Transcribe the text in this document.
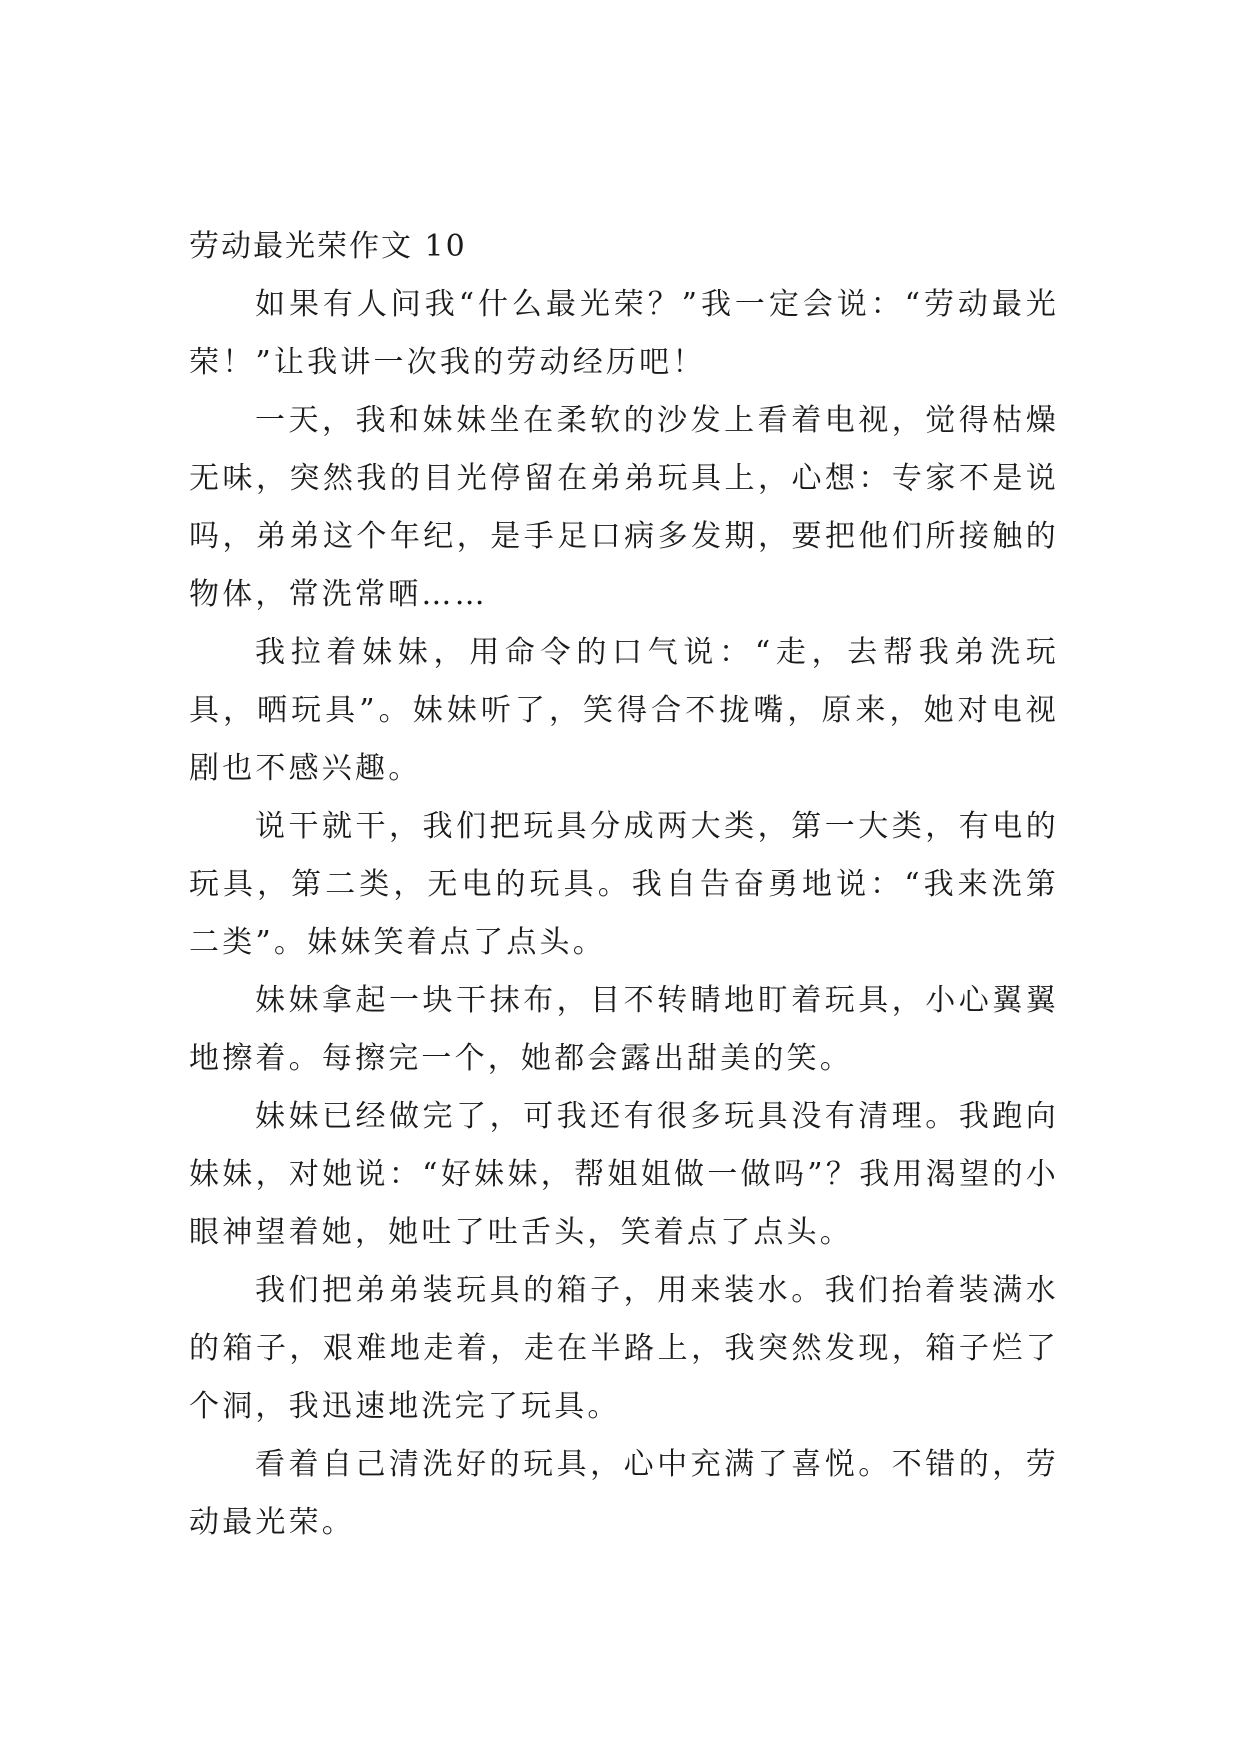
劳动最光荣作文 10

如果有人问我“什么最光荣？”我一定会说：“劳动最光荣！”让我讲一次我的劳动经历吧！

一天，我和妹妹坐在柔软的沙发上看着电视，觉得枯燥无味，突然我的目光停留在弟弟玩具上，心想：专家不是说吗，弟弟这个年纪，是手足口病多发期，要把他们所接触的物体，常洗常晒……

我拉着妹妹，用命令的口气说：“走，去帮我弟洗玩具，晒玩具”。妹妹听了，笑得合不拢嘴，原来，她对电视剧也不感兴趣。

说干就干，我们把玩具分成两大类，第一大类，有电的玩具，第二类，无电的玩具。我自告奋勇地说：“我来洗第二类”。妹妹笑着点了点头。

妹妹拿起一块干抹布，目不转睛地盯着玩具，小心翼翼地擦着。每擦完一个，她都会露出甜美的笑。

妹妹已经做完了，可我还有很多玩具没有清理。我跑向妹妹，对她说：“好妹妹，帮姐姐做一做吗”？我用渴望的小眼神望着她，她吐了吐舌头，笑着点了点头。

我们把弟弟装玩具的箱子，用来装水。我们抬着装满水的箱子，艰难地走着，走在半路上，我突然发现，箱子烂了个洞，我迅速地洗完了玩具。

看着自己清洗好的玩具，心中充满了喜悦。不错的，劳动最光荣。
